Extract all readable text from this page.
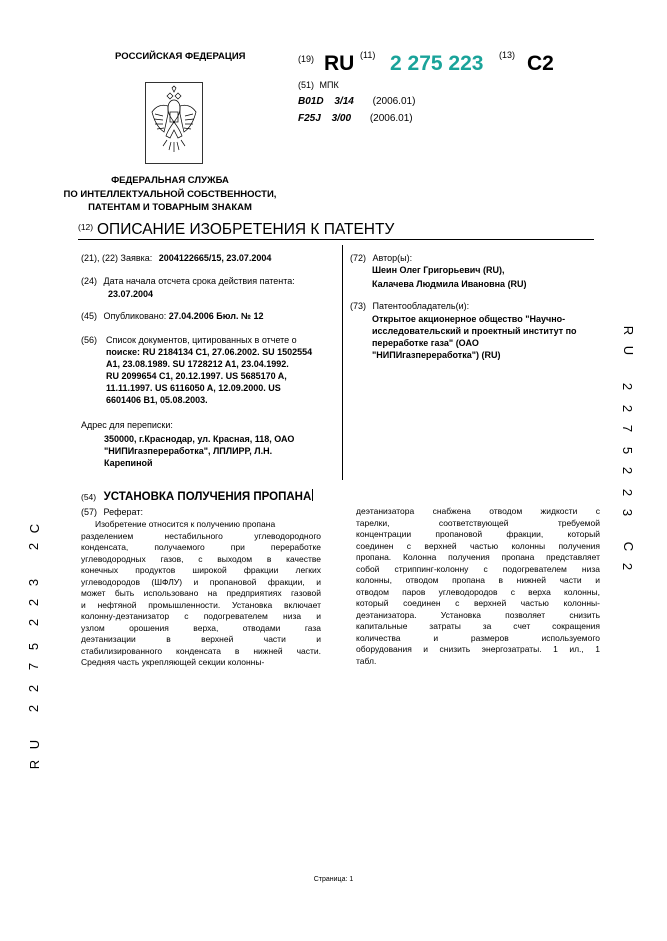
РОССИЙСКАЯ ФЕДЕРАЦИЯ
ФЕДЕРАЛЬНАЯ СЛУЖБА
ПО ИНТЕЛЛЕКТУАЛЬНОЙ СОБСТВЕННОСТИ,
ПАТЕНТАМ И ТОВАРНЫМ ЗНАКАМ
(19) RU (11) 2 275 223 (13) C2
(51) МПК
B01D 3/14 (2006.01)
F25J 3/00 (2006.01)
(12) ОПИСАНИЕ ИЗОБРЕТЕНИЯ К ПАТЕНТУ
(21), (22) Заявка: 2004122665/15, 23.07.2004
(24) Дата начала отсчета срока действия патента:
23.07.2004
(45) Опубликовано: 27.04.2006 Бюл. № 12
(56) Список документов, цитированных в отчете о
поиске: RU 2184134 C1, 27.06.2002. SU 1502554
A1, 23.08.1989. SU 1728212 A1, 23.04.1992.
RU 2099654 C1, 20.12.1997. US 5685170 A,
11.11.1997. US 6116050 A, 12.09.2000. US
6601406 B1, 05.08.2003.
Адрес для переписки:
350000, г.Краснодар, ул. Красная, 118, ОАО
"НИПИгазпереработка", ЛПЛИРР, Л.Н.
Карепиной
(72) Автор(ы):
Шеин Олег Григорьевич (RU),
Калачева Людмила Ивановна (RU)
(73) Патентообладатель(и):
Открытое акционерное общество "Научно-
исследовательский и проектный институт по
переработке газа" (ОАО
"НИПИгазпереработка") (RU)
(54) УСТАНОВКА ПОЛУЧЕНИЯ ПРОПАНА
(57) Реферат:
Изобретение относится к получению пропана
разделением нестабильного углеводородного
конденсата, получаемого при переработке
углеводородных газов, с выходом в качестве
конечных продуктов широкой фракции легких
углеводородов (ШФЛУ) и пропановой фракции, и
может быть использовано на предприятиях газовой
и нефтяной промышленности. Установка включает
колонну-деэтанизатор с подогревателем низа и
узлом орошения верха, отводами газа
деэтанизации в верхней части и
стабилизированного конденсата в нижней части.
Средняя часть укрепляющей секции колонны-
деэтанизатора снабжена отводом жидкости с
тарелки, соответствующей требуемой
концентрации пропановой фракции, который
соединен с верхней частью колонны получения
пропана. Колонна получения пропана представляет
собой стриппинг-колонну с подогревателем низа
колонны, отводом пропана в нижней части и
отводом паров углеводородов с верха колонны,
который соединен с верхней частью колонны-
деэтанизатора. Установка позволяет снизить
капитальные затраты за счет сокращения
количества и размеров используемого
оборудования и снизить энергозатраты. 1 ил., 1
табл.
C
2
3
2
2
5
7
2
2
U
R
R
U
2
2
7
5
2
2
3
C
2
Страница: 1
